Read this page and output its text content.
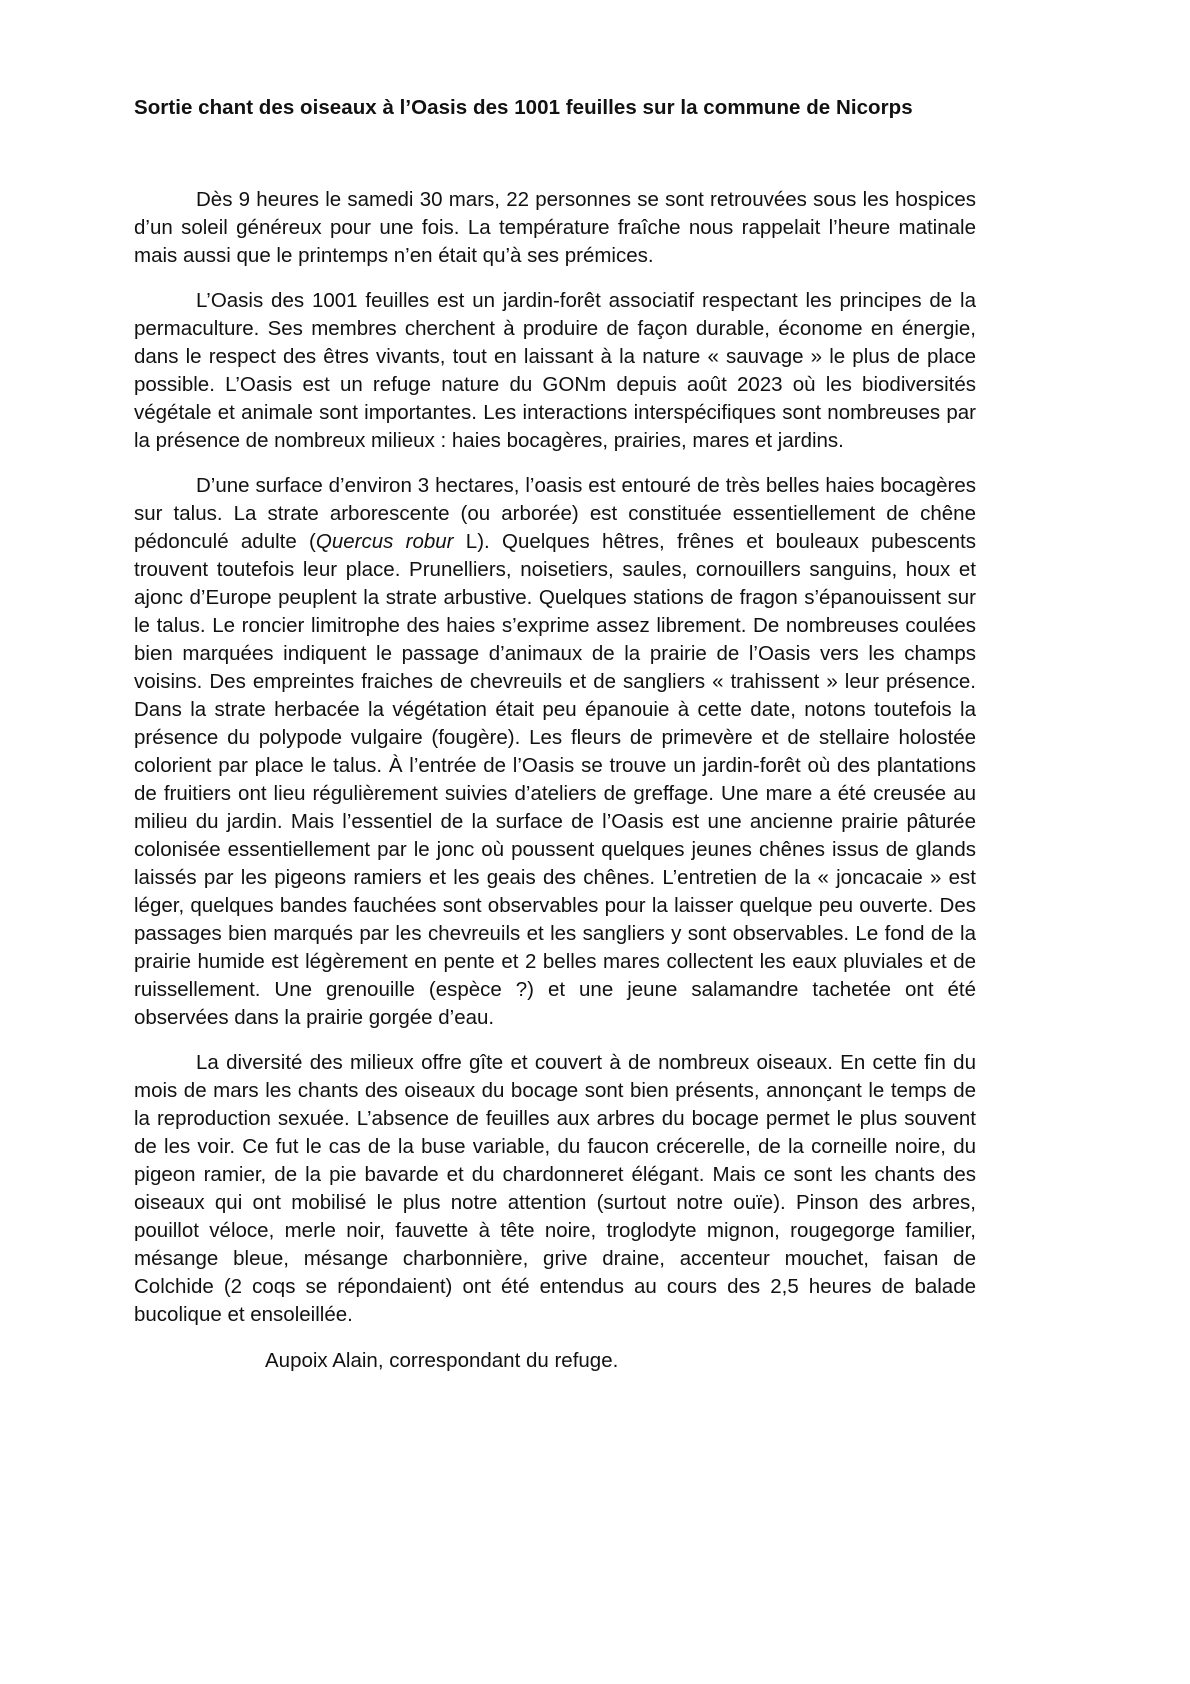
Sortie chant des oiseaux à l’Oasis des 1001 feuilles sur la commune de Nicorps

Dès 9 heures le samedi 30 mars, 22 personnes se sont retrouvées sous les hospices d’un soleil généreux pour une fois. La température fraîche nous rappelait l’heure matinale mais aussi que le printemps n’en était qu’à ses prémices.

L’Oasis des 1001 feuilles est un jardin-forêt associatif respectant les principes de la permaculture. Ses membres cherchent à produire de façon durable, économe en énergie, dans le respect des êtres vivants, tout en laissant à la nature « sauvage » le plus de place possible. L’Oasis est un refuge nature du GONm depuis août 2023 où les biodiversités végétale et animale sont importantes. Les interactions interspécifiques sont nombreuses par la présence de nombreux milieux : haies bocagères, prairies, mares et jardins.

D’une surface d’environ 3 hectares, l’oasis est entouré de très belles haies bocagères sur talus. La strate arborescente (ou arborée) est constituée essentiellement de chêne pédonculé adulte (Quercus robur L). Quelques hêtres, frênes et bouleaux pubescents trouvent toutefois leur place. Prunelliers, noisetiers, saules, cornouillers sanguins, houx et ajonc d’Europe peuplent la strate arbustive. Quelques stations de fragon s’épanouissent sur le talus. Le roncier limitrophe des haies s’exprime assez librement. De nombreuses coulées bien marquées indiquent le passage d’animaux de la prairie de l’Oasis vers les champs voisins. Des empreintes fraiches de chevreuils et de sangliers « trahissent » leur présence. Dans la strate herbacée la végétation était peu épanouie à cette date, notons toutefois la présence du polypode vulgaire (fougère). Les fleurs de primevère et de stellaire holostée colorient par place le talus. À l’entrée de l’Oasis se trouve un jardin-forêt où des plantations de fruitiers ont lieu régulièrement suivies d’ateliers de greffage. Une mare a été creusée au milieu du jardin. Mais l’essentiel de la surface de l’Oasis est une ancienne prairie pâturée colonisée essentiellement par le jonc où poussent quelques jeunes chênes issus de glands laissés par les pigeons ramiers et les geais des chênes. L’entretien de la « joncacaie » est léger, quelques bandes fauchées sont observables pour la laisser quelque peu ouverte. Des passages bien marqués par les chevreuils et les sangliers y sont observables. Le fond de la prairie humide est légèrement en pente et 2 belles mares collectent les eaux pluviales et de ruissellement. Une grenouille (espèce ?) et une jeune salamandre tachetée ont été observées dans la prairie gorgée d’eau.

La diversité des milieux offre gîte et couvert à de nombreux oiseaux. En cette fin du mois de mars les chants des oiseaux du bocage sont bien présents, annonçant le temps de la reproduction sexuée. L’absence de feuilles aux arbres du bocage permet le plus souvent de les voir. Ce fut le cas de la buse variable, du faucon crécerelle, de la corneille noire, du pigeon ramier, de la pie bavarde et du chardonneret élégant. Mais ce sont les chants des oiseaux qui ont mobilisé le plus notre attention (surtout notre ouïe). Pinson des arbres, pouillot véloce, merle noir, fauvette à tête noire, troglodyte mignon, rougegorge familier, mésange bleue, mésange charbonnière, grive draine, accenteur mouchet, faisan de Colchide (2 coqs se répondaient) ont été entendus au cours des 2,5 heures de balade bucolique et ensoleillée.

Aupoix Alain, correspondant du refuge.
